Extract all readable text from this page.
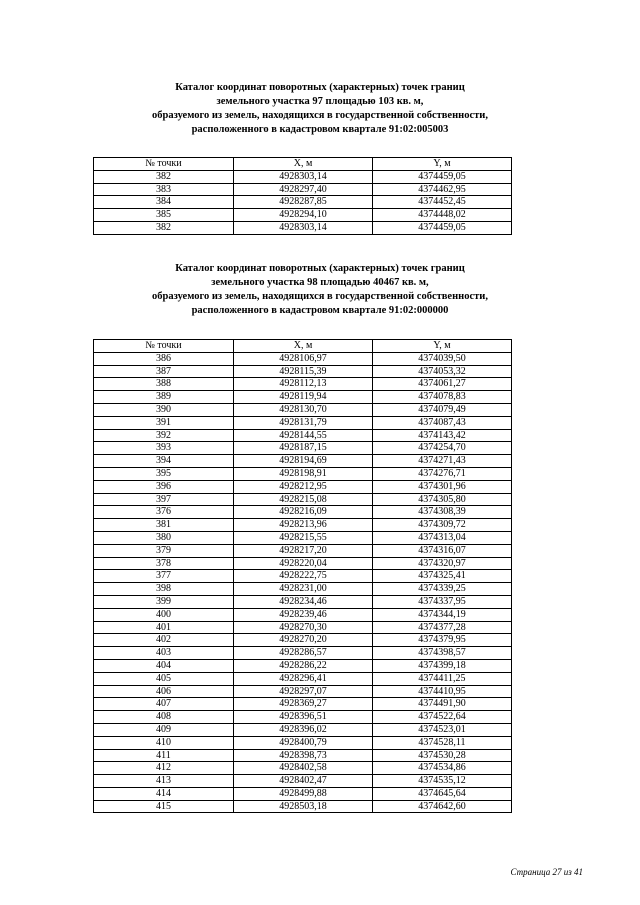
Каталог координат поворотных (характерных) точек границ
земельного участка 97 площадью 103 кв. м,
образуемого из земель, находящихся в государственной собственности,
расположенного в кадастровом квартале 91:02:005003
№ точки	X, м	Y, м
382	4928303,14	4374459,05
383	4928297,40	4374462,95
384	4928287,85	4374452,45
385	4928294,10	4374448,02
382	4928303,14	4374459,05
Каталог координат поворотных (характерных) точек границ
земельного участка 98 площадью 40467 кв. м,
образуемого из земель, находящихся в государственной собственности,
расположенного в кадастровом квартале 91:02:000000
№ точки	X, м	Y, м
386	4928106,97	4374039,50
387	4928115,39	4374053,32
388	4928112,13	4374061,27
389	4928119,94	4374078,83
390	4928130,70	4374079,49
391	4928131,79	4374087,43
392	4928144,55	4374143,42
393	4928187,15	4374254,70
394	4928194,69	4374271,43
395	4928198,91	4374276,71
396	4928212,95	4374301,96
397	4928215,08	4374305,80
376	4928216,09	4374308,39
381	4928213,96	4374309,72
380	4928215,55	4374313,04
379	4928217,20	4374316,07
378	4928220,04	4374320,97
377	4928222,75	4374325,41
398	4928231,00	4374339,25
399	4928234,46	4374337,95
400	4928239,46	4374344,19
401	4928270,30	4374377,28
402	4928270,20	4374379,95
403	4928286,57	4374398,57
404	4928286,22	4374399,18
405	4928296,41	4374411,25
406	4928297,07	4374410,95
407	4928369,27	4374491,90
408	4928396,51	4374522,64
409	4928396,02	4374523,01
410	4928400,79	4374528,11
411	4928398,73	4374530,28
412	4928402,58	4374534,86
413	4928402,47	4374535,12
414	4928499,88	4374645,64
415	4928503,18	4374642,60
Страница 27 из 41
